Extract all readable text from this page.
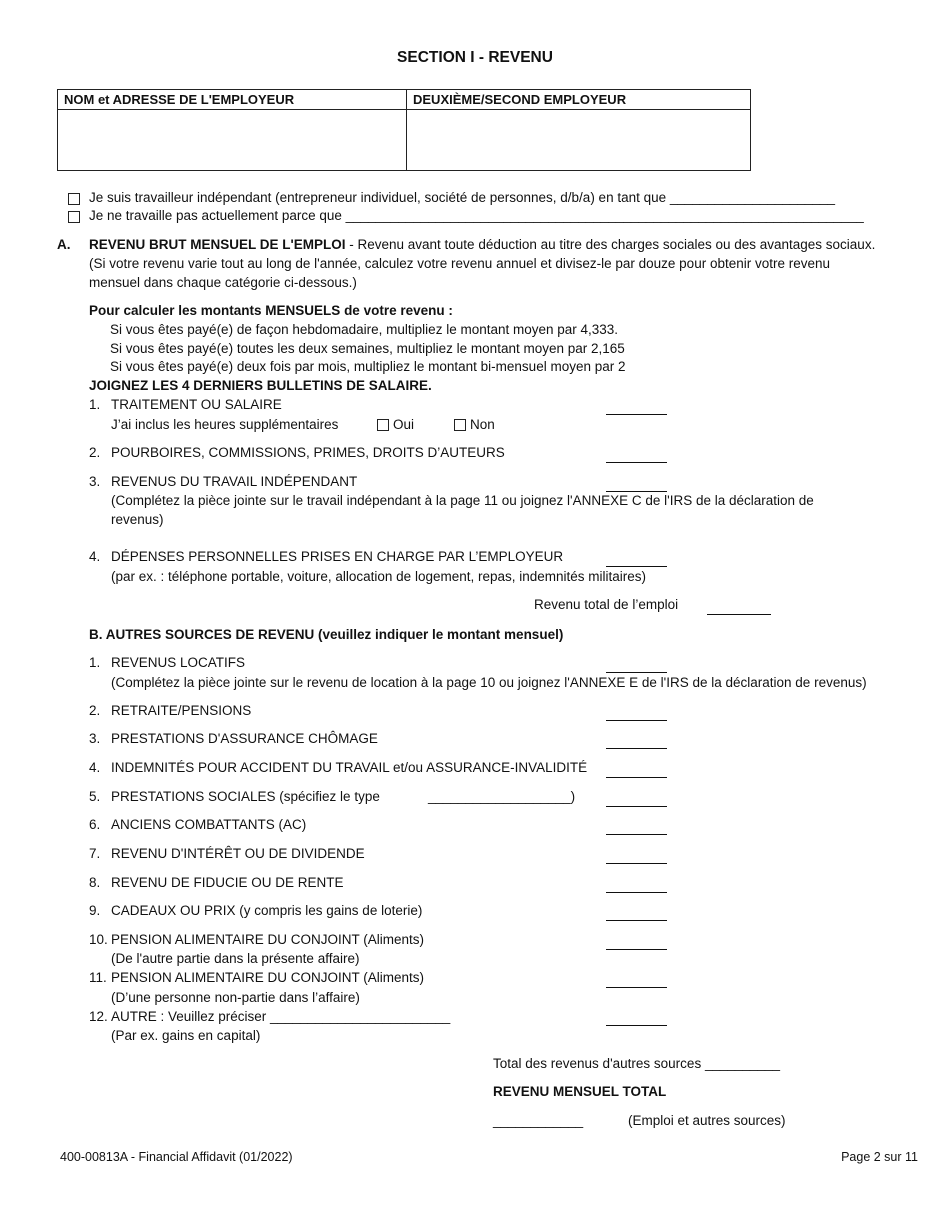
SECTION I - REVENU
NOM et ADRESSE DE L'EMPLOYEUR	DEUXIÈME/SECOND EMPLOYEUR

Je suis travailleur indépendant (entrepreneur individuel, société de personnes, d/b/a) en tant que ______________________
Je ne travaille pas actuellement parce que _____________________________________________________________________
A. REVENU BRUT MENSUEL DE L'EMPLOI - Revenu avant toute déduction au titre des charges sociales ou des avantages sociaux.
(Si votre revenu varie tout au long de l'année, calculez votre revenu annuel et divisez-le par douze pour obtenir votre revenu
mensuel dans chaque catégorie ci-dessous.)
Pour calculer les montants MENSUELS de votre revenu :
Si vous êtes payé(e) de façon hebdomadaire, multipliez le montant moyen par 4,333.
Si vous êtes payé(e) toutes les deux semaines, multipliez le montant moyen par 2,165
Si vous êtes payé(e) deux fois par mois, multipliez le montant bi-mensuel moyen par 2
JOIGNEZ LES 4 DERNIERS BULLETINS DE SALAIRE.
1. TRAITEMENT OU SALAIRE
J’ai inclus les heures supplémentaires	Oui	Non
2. POURBOIRES, COMMISSIONS, PRIMES, DROITS D’AUTEURS
3. REVENUS DU TRAVAIL INDÉPENDANT
(Complétez la pièce jointe sur le travail indépendant à la page 11 ou joignez l'ANNEXE C de l'IRS de la déclaration de
revenus)
4. DÉPENSES PERSONNELLES PRISES EN CHARGE PAR L’EMPLOYEUR
(par ex. : téléphone portable, voiture, allocation de logement, repas, indemnités militaires)
Revenu total de l’emploi
B. AUTRES SOURCES DE REVENU (veuillez indiquer le montant mensuel)
1. REVENUS LOCATIFS
(Complétez la pièce jointe sur le revenu de location à la page 10 ou joignez l'ANNEXE E de l'IRS de la déclaration de revenus)
2. RETRAITE/PENSIONS
3. PRESTATIONS D'ASSURANCE CHÔMAGE
4. INDEMNITÉS POUR ACCIDENT DU TRAVAIL et/ou ASSURANCE-INVALIDITÉ
5. PRESTATIONS SOCIALES (spécifiez le type	___________________)
6. ANCIENS COMBATTANTS (AC)
7. REVENU D'INTÉRÊT OU DE DIVIDENDE
8. REVENU DE FIDUCIE OU DE RENTE
9. CADEAUX OU PRIX (y compris les gains de loterie)
10. PENSION ALIMENTAIRE DU CONJOINT (Aliments)
(De l'autre partie dans la présente affaire)
11. PENSION ALIMENTAIRE DU CONJOINT (Aliments)
(D’une personne non-partie dans l’affaire)
12. AUTRE : Veuillez préciser ________________________
(Par ex. gains en capital)
Total des revenus d'autres sources __________
REVENU MENSUEL TOTAL
____________	(Emploi et autres sources)
400-00813A - Financial Affidavit (01/2022)	Page 2 sur 11
